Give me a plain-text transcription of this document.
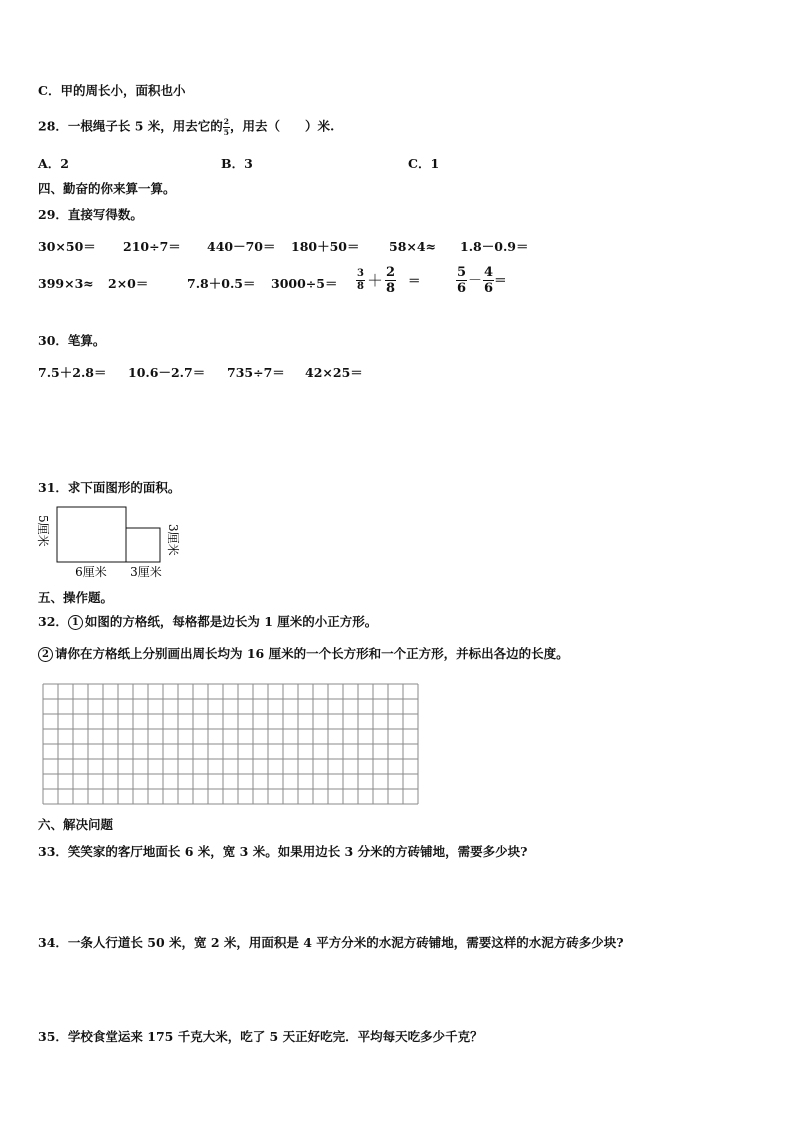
C．甲的周长小，面积也小
28．一根绳子长 5 米，用去它的 $\frac{2}{5}$ ，用去（　　）米.
A．2	B．3	C．1
四、勤奋的你来算一算。
29．直接写得数。
30×50＝ 210÷7＝ 440－70＝ 180＋50＝ 58×4≈ 1.8－0.9＝
399×3≈ 2×0＝	$7.8+0.5= 3000\div 5= \frac{3}{8} + \frac{2}{8}$ ＝	$\frac{5}{6} - \frac{4}{6}$ ＝
30．笔算。
7.5＋2.8＝ 10.6－2.7＝ 735÷7＝ 42×25＝
31．求下面图形的面积。
5厘米
6厘米 3厘米
3厘米
五、操作题。
32． 1 如图的方格纸，每格都是边长为 1 厘米的小正方形。
2 请你在方格纸上分别画出周长均为 16 厘米的一个长方形和一个正方形，并标出各边的长度。
六、解决问题
33．笑笑家的客厅地面长 6 米，宽 3 米。如果用边长 3 分米的方砖铺地，需要多少块?
34．一条人行道长 50 米，宽 2 米，用面积是 4 平方分米的水泥方砖铺地，需要这样的水泥方砖多少块?
35．学校食堂运来 175 千克大米，吃了 5 天正好吃完．平均每天吃多少千克？
